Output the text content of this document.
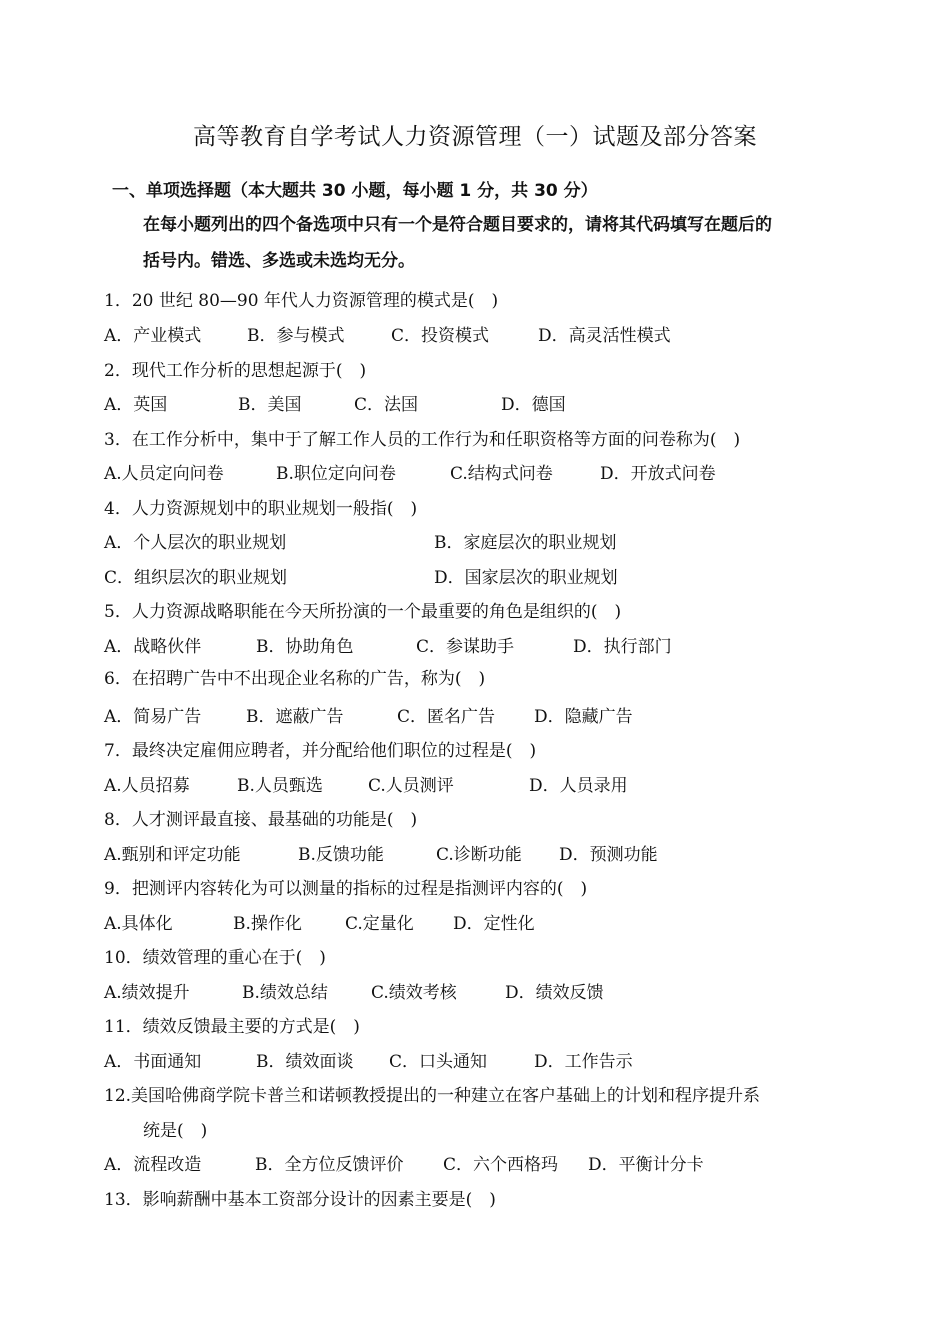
高等教育自学考试人力资源管理（一）试题及部分答案
一、单项选择题（本大题共 30 小题，每小题 1 分，共 30 分）
在每小题列出的四个备选项中只有一个是符合题目要求的，请将其代码填写在题后的
括号内。错选、多选或未选均无分。
1．20 世纪 80—90 年代人力资源管理的模式是(　)
A．产业模式	B．参与模式	C．投资模式	D．高灵活性模式
2．现代工作分析的思想起源于(　)
A．英国	B．美国	C．法国	D．德国
3．在工作分析中，集中于了解工作人员的工作行为和任职资格等方面的问卷称为(　)
A.人员定向问卷	B.职位定向问卷	C.结构式问卷	D．开放式问卷
4．人力资源规划中的职业规划一般指(　)
A．个人层次的职业规划	B．家庭层次的职业规划
C．组织层次的职业规划	D．国家层次的职业规划
5．人力资源战略职能在今天所扮演的一个最重要的角色是组织的(　)
A．战略伙伴	B．协助角色	C．参谋助手	D．执行部门
6．在招聘广告中不出现企业名称的广告，称为(　)
A．简易广告	B．遮蔽广告	C．匿名广告 D．隐藏广告
7．最终决定雇佣应聘者，并分配给他们职位的过程是(　)
A.人员招募	B.人员甄选	C.人员测评	D．人员录用
8．人才测评最直接、最基础的功能是(　)
A.甄别和评定功能	B.反馈功能	C.诊断功能 D．预测功能
9．把测评内容转化为可以测量的指标的过程是指测评内容的(　)
A.具体化	B.操作化	C.定量化 D．定性化
10．绩效管理的重心在于(　)
A.绩效提升	B.绩效总结	C.绩效考核	D．绩效反馈
11．绩效反馈最主要的方式是(　)
A．书面通知	B．绩效面谈 C．口头通知	D．工作告示
12.美国哈佛商学院卡普兰和诺顿教授提出的一种建立在客户基础上的计划和程序提升系
统是(　)
A．流程改造	B．全方位反馈评价 C．六个西格玛 D．平衡计分卡
13．影响薪酬中基本工资部分设计的因素主要是(　)
